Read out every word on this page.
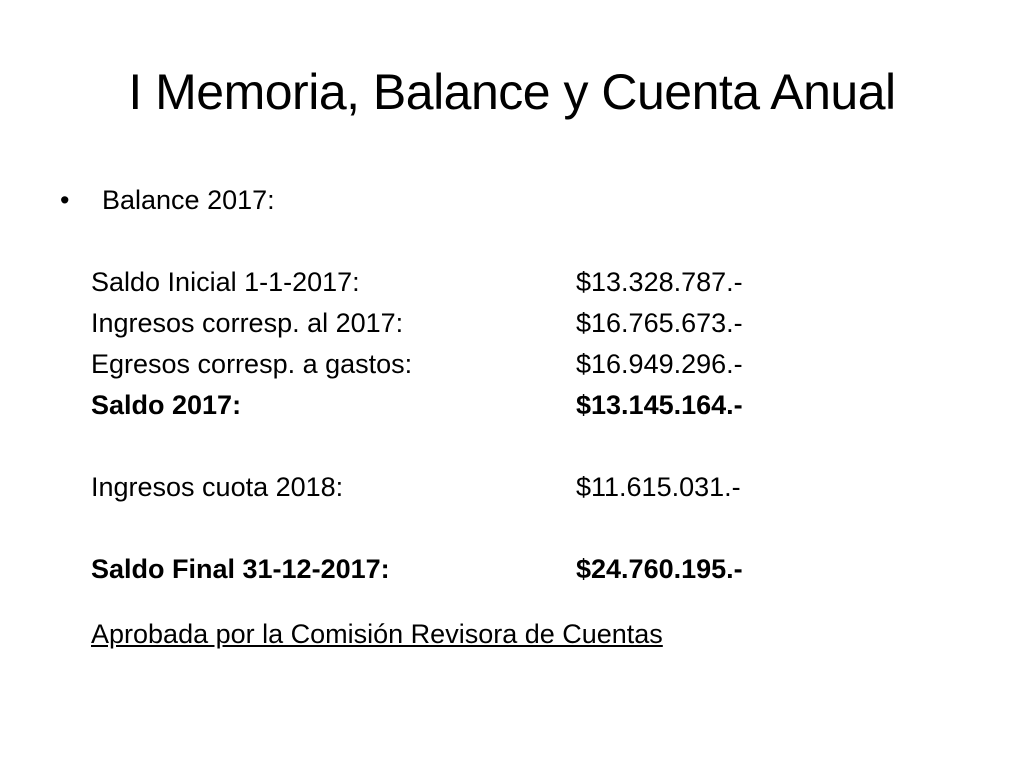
I Memoria, Balance y Cuenta Anual
• Balance 2017:
Saldo Inicial 1-1-2017:	$13.328.787.-
Ingresos corresp. al 2017:	$16.765.673.-
Egresos corresp. a gastos:	$16.949.296.-
Saldo 2017:	$13.145.164.-
Ingresos cuota 2018:	$11.615.031.-
Saldo Final 31-12-2017:	$24.760.195.-
Aprobada por la Comisión Revisora de Cuentas
